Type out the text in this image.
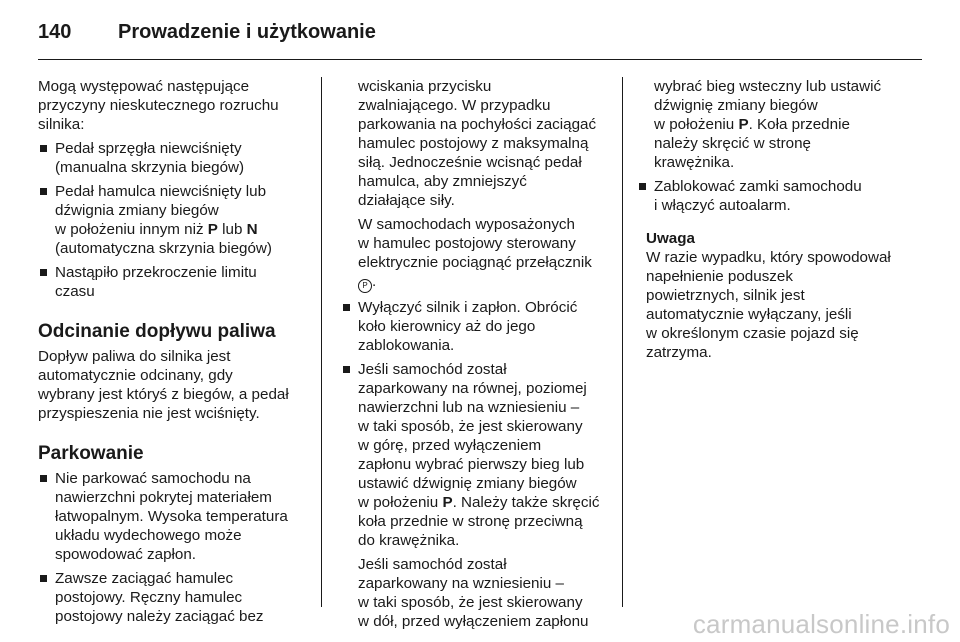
140	Prowadzenie i użytkowanie

Mogą występować następujące
przyczyny nieskutecznego rozruchu
silnika:

Pedał sprzęgła niewciśnięty
(manualna skrzynia biegów)
Pedał hamulca niewciśnięty lub
dźwignia zmiany biegów
w położeniu innym niż P lub N
(automatyczna skrzynia biegów)
Nastąpiło przekroczenie limitu
czasu
Odcinanie dopływu paliwa

Dopływ paliwa do silnika jest
automatycznie odcinany, gdy
wybrany jest któryś z biegów, a pedał
przyspieszenia nie jest wciśnięty.

Parkowanie
Nie parkować samochodu na
nawierzchni pokrytej materiałem
łatwopalnym. Wysoka temperatura
układu wydechowego może
spowodować zapłon.
Zawsze zaciągać hamulec
postojowy. Ręczny hamulec
postojowy należy zaciągać bez

wciskania przycisku
zwalniającego. W przypadku
parkowania na pochyłości zaciągać
hamulec postojowy z maksymalną
siłą. Jednocześnie wcisnąć pedał
hamulca, aby zmniejszyć
działające siły.

W samochodach wyposażonych
w hamulec postojowy sterowany
elektrycznie pociągnąć przełącznik
P .

Wyłączyć silnik i zapłon. Obrócić
koło kierownicy aż do jego
zablokowania.
Jeśli samochód został
zaparkowany na równej, poziomej
nawierzchni lub na wzniesieniu –
w taki sposób, że jest skierowany
w górę, przed wyłączeniem
zapłonu wybrać pierwszy bieg lub
ustawić dźwignię zmiany biegów
w położeniu P. Należy także skręcić
koła przednie w stronę przeciwną
do krawężnika.
Jeśli samochód został
zaparkowany na wzniesieniu –
w taki sposób, że jest skierowany
w dół, przed wyłączeniem zapłonu

wybrać bieg wsteczny lub ustawić
dźwignię zmiany biegów
w położeniu P. Koła przednie
należy skręcić w stronę
krawężnika.

Zablokować zamki samochodu
i włączyć autoalarm.
Uwaga
W razie wypadku, który spowodował
napełnienie poduszek
powietrznych, silnik jest
automatycznie wyłączany, jeśli
w określonym czasie pojazd się
zatrzyma.
carmanualsonline.info
